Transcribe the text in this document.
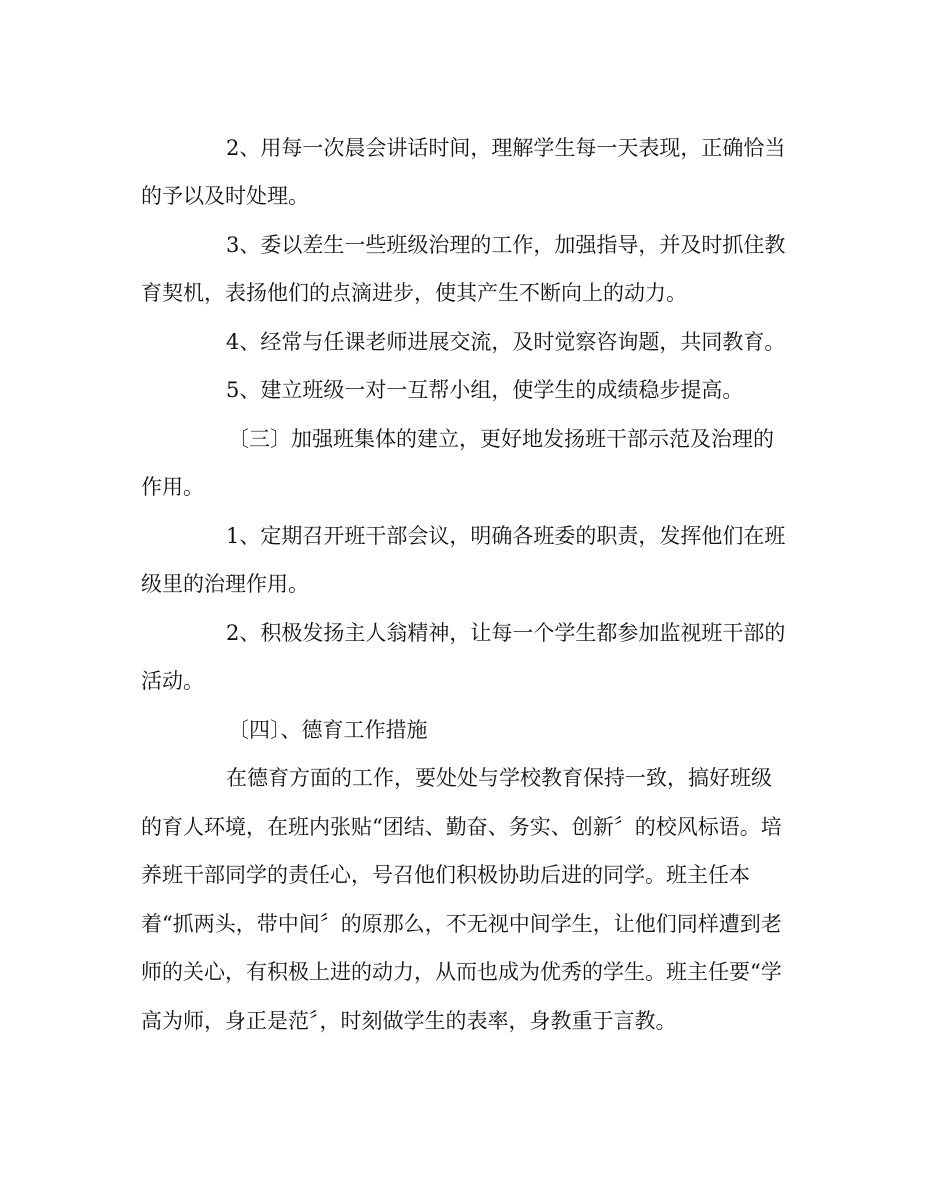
2、用每一次晨会讲话时间，理解学生每一天表现，正确恰当
的予以及时处理。
3、委以差生一些班级治理的工作，加强指导，并及时抓住教
育契机，表扬他们的点滴进步，使其产生不断向上的动力。
4、经常与任课老师进展交流，及时觉察咨询题，共同教育。
5、建立班级一对一互帮小组，使学生的成绩稳步提高。
〔三〕加强班集体的建立，更好地发扬班干部示范及治理的
作用。
1、定期召开班干部会议，明确各班委的职责，发挥他们在班
级里的治理作用。
2、积极发扬主人翁精神，让每一个学生都参加监视班干部的
活动。
〔四〕、德育工作措施
在德育方面的工作，要处处与学校教育保持一致，搞好班级
的育人环境，在班内张贴“团结、勤奋、务实、创新〞的校风标语。培
养班干部同学的责任心，号召他们积极协助后进的同学。班主任本
着“抓两头，带中间〞的原那么，不无视中间学生，让他们同样遭到老
师的关心，有积极上进的动力，从而也成为优秀的学生。班主任要“学
高为师，身正是范〞，时刻做学生的表率，身教重于言教。
